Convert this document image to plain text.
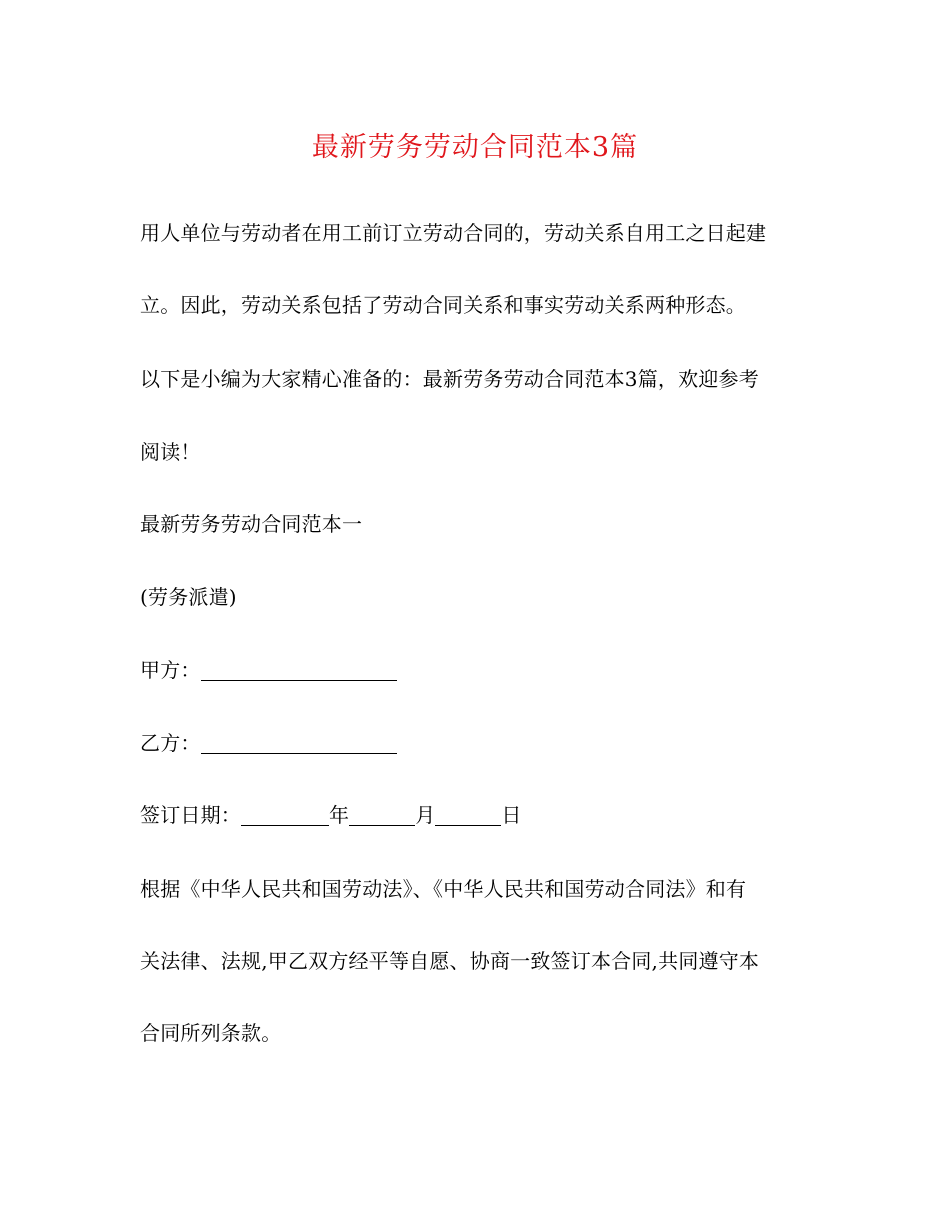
最新劳务劳动合同范本3篇
用人单位与劳动者在用工前订立劳动合同的，劳动关系自用工之日起建
立。因此，劳动关系包括了劳动合同关系和事实劳动关系两种形态。
以下是小编为大家精心准备的：最新劳务劳动合同范本3篇，欢迎参考
阅读！
最新劳务劳动合同范本一
(劳务派遣)
甲方：
乙方：
签订日期：	年	月	日
根据《中华人民共和国劳动法》、《中华人民共和国劳动合同法》和有
关法律、法规,甲乙双方经平等自愿、协商一致签订本合同,共同遵守本
合同所列条款。
